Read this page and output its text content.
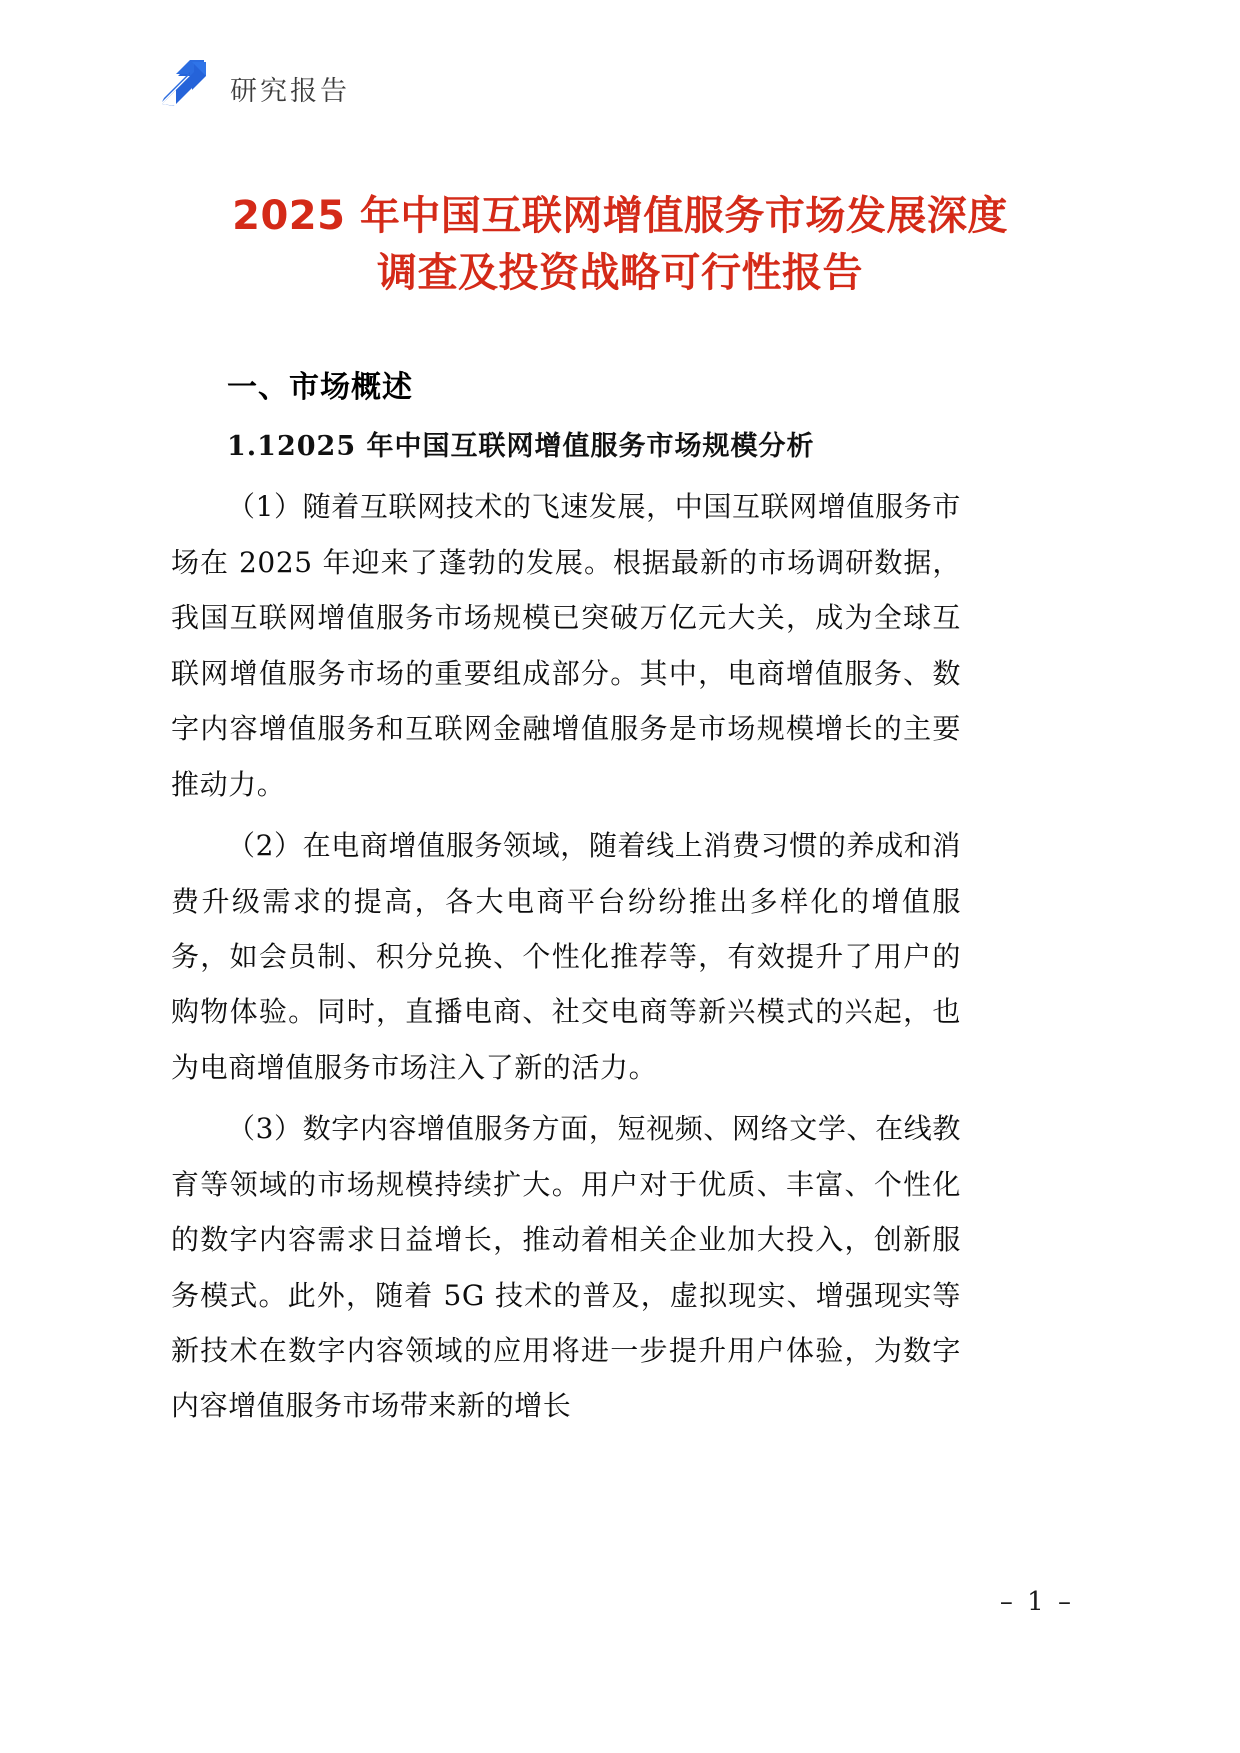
研究报告
2025 年中国互联网增值服务市场发展深度
调查及投资战略可行性报告
一、市场概述
1.12025 年中国互联网增值服务市场规模分析

（1）随着互联网技术的飞速发展，中国互联网增值服务市场在 2025 年迎来了蓬勃的发展。根据最新的市场调研数据，我国互联网增值服务市场规模已突破万亿元大关，成为全球互联网增值服务市场的重要组成部分。其中，电商增值服务、数字内容增值服务和互联网金融增值服务是市场规模增长的主要推动力。

（2）在电商增值服务领域，随着线上消费习惯的养成和消费升级需求的提高，各大电商平台纷纷推出多样化的增值服务，如会员制、积分兑换、个性化推荐等，有效提升了用户的购物体验。同时，直播电商、社交电商等新兴模式的兴起，也为电商增值服务市场注入了新的活力。

（3）数字内容增值服务方面，短视频、网络文学、在线教育等领域的市场规模持续扩大。用户对于优质、丰富、个性化的数字内容需求日益增长，推动着相关企业加大投入，创新服务模式。此外，随着 5G 技术的普及，虚拟现实、增强现实等新技术在数字内容领域的应用将进一步提升用户体验，为数字内容增值服务市场带来新的增长

– 1 –
